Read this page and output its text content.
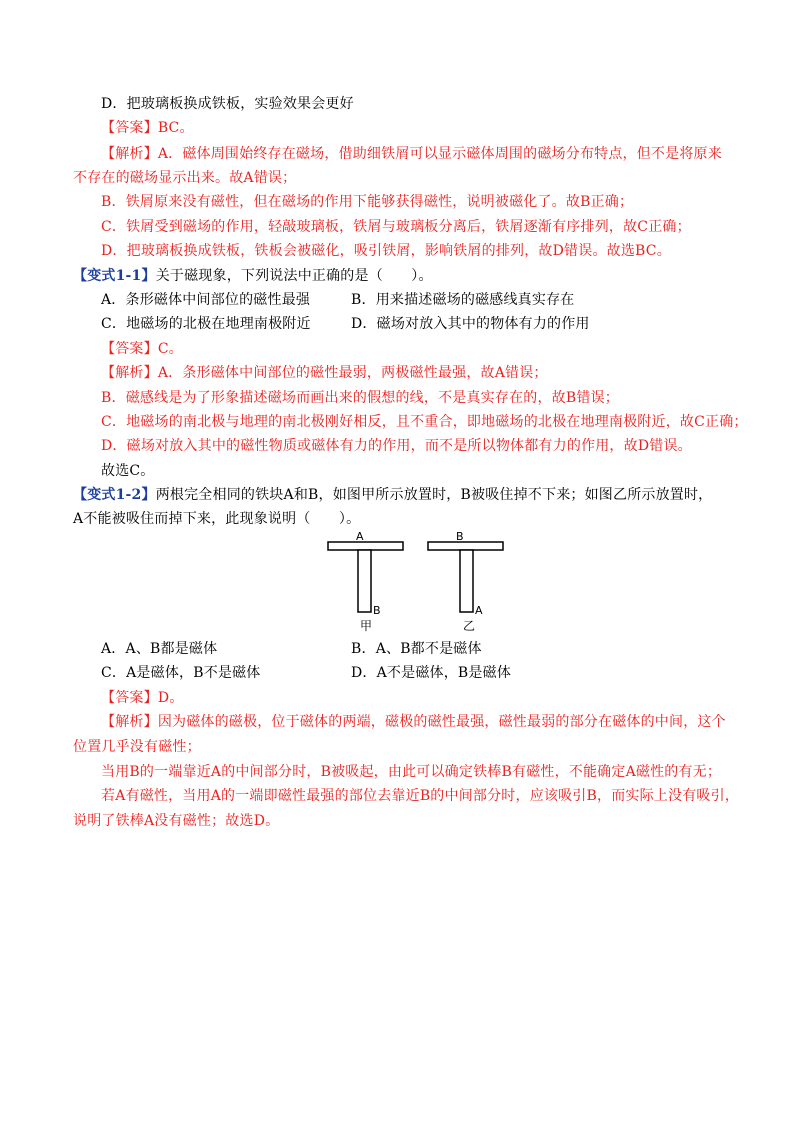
D．把玻璃板换成铁板，实验效果会更好
【答案】BC。
【解析】A．磁体周围始终存在磁场，借助细铁屑可以显示磁体周围的磁场分布特点，但不是将原来
不存在的磁场显示出来。故A错误；
B．铁屑原来没有磁性，但在磁场的作用下能够获得磁性，说明被磁化了。故B正确；
C．铁屑受到磁场的作用，轻敲玻璃板，铁屑与玻璃板分离后，铁屑逐渐有序排列，故C正确；
D．把玻璃板换成铁板，铁板会被磁化，吸引铁屑，影响铁屑的排列，故D错误。故选BC。
【变式1-1】关于磁现象，下列说法中正确的是（　　）。
A．条形磁体中间部位的磁性最强	B．用来描述磁场的磁感线真实存在
C．地磁场的北极在地理南极附近	D．磁场对放入其中的物体有力的作用
【答案】C。
【解析】A．条形磁体中间部位的磁性最弱，两极磁性最强，故A错误；
B．磁感线是为了形象描述磁场而画出来的假想的线，不是真实存在的，故B错误；
C．地磁场的南北极与地理的南北极刚好相反，且不重合，即地磁场的北极在地理南极附近，故C正确；
D．磁场对放入其中的磁性物质或磁体有力的作用，而不是所以物体都有力的作用，故D错误。
故选C。
【变式1-2】两根完全相同的铁块A和B，如图甲所示放置时，B被吸住掉不下来；如图乙所示放置时，
A不能被吸住而掉下来，此现象说明（　　）。
A
B
甲
B
A
乙
A．A、B都是磁体	B．A、B都不是磁体
C．A是磁体，B不是磁体	D．A不是磁体，B是磁体
【答案】D。
【解析】因为磁体的磁极，位于磁体的两端，磁极的磁性最强，磁性最弱的部分在磁体的中间，这个
位置几乎没有磁性；
当用B的一端靠近A的中间部分时，B被吸起，由此可以确定铁棒B有磁性，不能确定A磁性的有无；
若A有磁性，当用A的一端即磁性最强的部位去靠近B的中间部分时，应该吸引B，而实际上没有吸引，
说明了铁棒A没有磁性；故选D。
